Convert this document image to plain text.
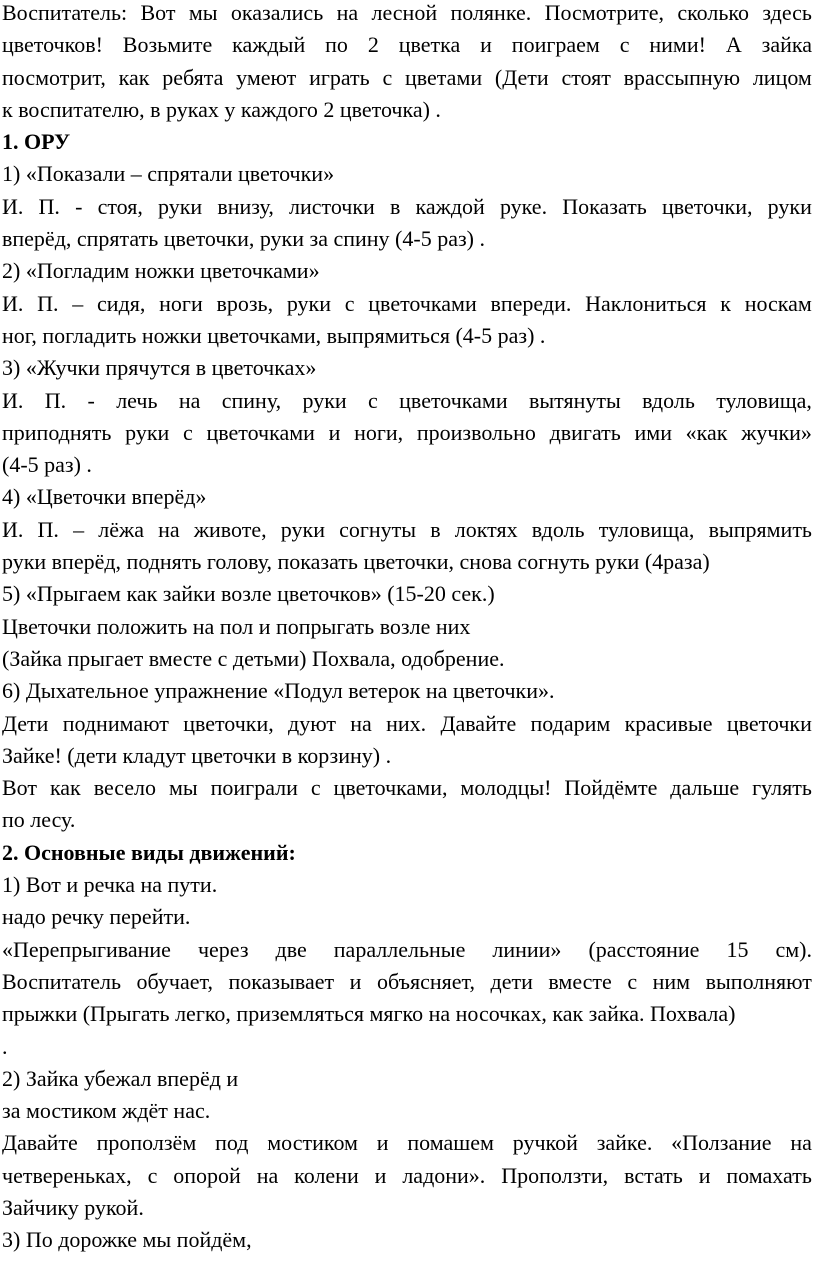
Воспитатель: Вот мы оказались на лесной полянке. Посмотрите, сколько здесь
цветочков! Возьмите каждый по 2 цветка и поиграем с ними! А зайка
посмотрит, как ребята умеют играть с цветами (Дети стоят врассыпную лицом
к воспитателю, в руках у каждого 2 цветочка) .
1. ОРУ
1) «Показали – спрятали цветочки»
И. П. - стоя, руки внизу, листочки в каждой руке. Показать цветочки, руки
вперёд, спрятать цветочки, руки за спину (4-5 раз) .
2) «Погладим ножки цветочками»
И. П. – сидя, ноги врозь, руки с цветочками впереди. Наклониться к носкам
ног, погладить ножки цветочками, выпрямиться (4-5 раз) .
3) «Жучки прячутся в цветочках»
И. П. - лечь на спину, руки с цветочками вытянуты вдоль туловища,
приподнять руки с цветочками и ноги, произвольно двигать ими «как жучки»
(4-5 раз) .
4) «Цветочки вперёд»
И. П. – лёжа на животе, руки согнуты в локтях вдоль туловища, выпрямить
руки вперёд, поднять голову, показать цветочки, снова согнуть руки (4раза)
5) «Прыгаем как зайки возле цветочков» (15-20 сек.)
Цветочки положить на пол и попрыгать возле них
(Зайка прыгает вместе с детьми) Похвала, одобрение.
6) Дыхательное упражнение «Подул ветерок на цветочки».
Дети поднимают цветочки, дуют на них. Давайте подарим красивые цветочки
Зайке! (дети кладут цветочки в корзину) .
Вот как весело мы поиграли с цветочками, молодцы! Пойдёмте дальше гулять
по лесу.
2. Основные виды движений:
1) Вот и речка на пути.
надо речку перейти.
«Перепрыгивание через две параллельные линии» (расстояние 15 см).
Воспитатель обучает, показывает и объясняет, дети вместе с ним выполняют
прыжки (Прыгать легко, приземляться мягко на носочках, как зайка. Похвала)
.
2) Зайка убежал вперёд и
за мостиком ждёт нас.
Давайте проползём под мостиком и помашем ручкой зайке. «Ползание на
четвереньках, с опорой на колени и ладони». Проползти, встать и помахать
Зайчику рукой.
3) По дорожке мы пойдём,
